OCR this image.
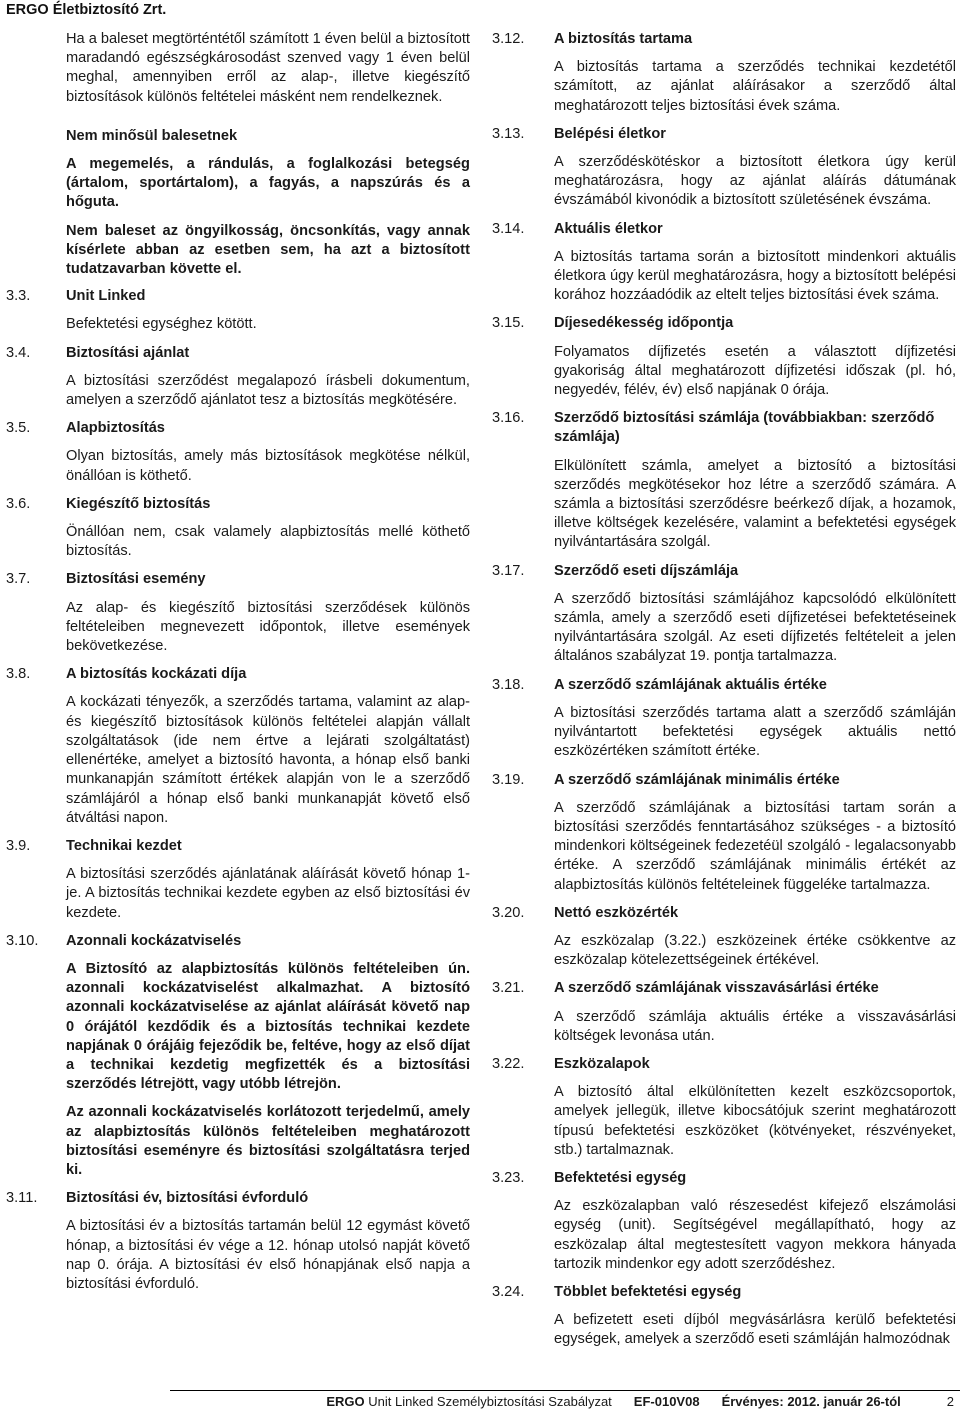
ERGO Életbiztosító Zrt.

Ha a baleset megtörténtétől számított 1 éven belül a biztosított maradandó egészségkárosodást szenved vagy 1 éven belül meghal, amennyiben erről az alap-, illetve kiegészítő biztosítások különös feltételei másként nem rendelkeznek.

Nem minősül balesetnek

A megemelés, a rándulás, a foglalkozási betegség (ártalom, sportártalom), a fagyás, a napszúrás és a hőguta.

Nem baleset az öngyilkosság, öncsonkítás, vagy annak kísérlete abban az esetben sem, ha azt a biztosított tudatzavarban követte el.

3.3.	Unit Linked

Befektetési egységhez kötött.

3.4.	Biztosítási ajánlat

A biztosítási szerződést megalapozó írásbeli dokumentum, amelyen a szerződő ajánlatot tesz a biztosítás megkötésére.

3.5.	Alapbiztosítás

Olyan biztosítás, amely más biztosítások megkötése nélkül, önállóan is köthető.

3.6.	Kiegészítő biztosítás

Önállóan nem, csak valamely alapbiztosítás mellé köthető biztosítás.

3.7.	Biztosítási esemény

Az alap- és kiegészítő biztosítási szerződések különös feltételeiben megnevezett időpontok, illetve események bekövetkezése.

3.8.	A biztosítás kockázati díja

A kockázati tényezők, a szerződés tartama, valamint az alap- és kiegészítő biztosítások különös feltételei alapján vállalt szolgáltatások (ide nem értve a lejárati szolgáltatást) ellenértéke, amelyet a biztosító havonta, a hónap első banki munkanapján számított értékek alapján von le a szerződő számlájáról a hónap első banki munkanapját követő első átváltási napon.

3.9.	Technikai kezdet

A biztosítási szerződés ajánlatának aláírását követő hónap 1-je. A biztosítás technikai kezdete egyben az első biztosítási év kezdete.

3.10.	Azonnali kockázatviselés

A Biztosító az alapbiztosítás különös feltételeiben ún. azonnali kockázatviselést alkalmazhat. A biztosító azonnali kockázatviselése az ajánlat aláírását követő nap 0 órájától kezdődik és a biztosítás technikai kezdete napjának 0 órájáig fejeződik be, feltéve, hogy az első díjat a technikai kezdetig megfizették és a biztosítási szerződés létrejött, vagy utóbb létrejön.

Az azonnali kockázatviselés korlátozott terjedelmű, amely az alapbiztosítás különös feltételeiben meghatározott biztosítási eseményre és biztosítási szolgáltatásra terjed ki.

3.11.	Biztosítási év, biztosítási évforduló

A biztosítási év a biztosítás tartamán belül 12 egymást követő hónap, a biztosítási év vége a 12. hónap utolsó napját követő nap 0. órája. A biztosítási év első hónapjának első napja a biztosítási évforduló.

3.12.	A biztosítás tartama

A biztosítás tartama a szerződés technikai kezdetétől számított, az ajánlat aláírásakor a szerződő által meghatározott teljes biztosítási évek száma.

3.13.	Belépési életkor

A szerződéskötéskor a biztosított életkora úgy kerül meghatározásra, hogy az ajánlat aláírás dátumának évszámából kivonódik a biztosított születésének évszáma.

3.14.	Aktuális életkor

A biztosítás tartama során a biztosított mindenkori aktuális életkora úgy kerül meghatározásra, hogy a biztosított belépési korához hozzáadódik az eltelt teljes biztosítási évek száma.

3.15.	Díjesedékesség időpontja

Folyamatos díjfizetés esetén a választott díjfizetési gyakoriság által meghatározott díjfizetési időszak (pl. hó, negyedév, félév, év) első napjának 0 órája.

3.16.	Szerződő biztosítási számlája (továbbiakban: szerződő számlája)

Elkülönített számla, amelyet a biztosító a biztosítási szerződés megkötésekor hoz létre a szerződő számára. A számla a biztosítási szerződésre beérkező díjak, a hozamok, illetve költségek kezelésére, valamint a befektetési egységek nyilvántartására szolgál.

3.17.	Szerződő eseti díjszámlája

A szerződő biztosítási számlájához kapcsolódó elkülönített számla, amely a szerződő eseti díjfizetései befektetéseinek nyilvántartására szolgál. Az eseti díjfizetés feltételeit a jelen általános szabályzat 19. pontja tartalmazza.

3.18.	A szerződő számlájának aktuális értéke

A biztosítási szerződés tartama alatt a szerződő számláján nyilvántartott befektetési egységek aktuális nettó eszközértéken számított értéke.

3.19.	A szerződő számlájának minimális értéke

A szerződő számlájának a biztosítási tartam során a biztosítási szerződés fenntartásához szükséges - a biztosító mindenkori költségeinek fedezetéül szolgáló - legalacsonyabb értéke. A szerződő számlájának minimális értékét az alapbiztosítás különös feltételeinek függeléke tartalmazza.

3.20.	Nettó eszközérték

Az eszközalap (3.22.) eszközeinek értéke csökkentve az eszközalap kötelezettségeinek értékével.

3.21.	A szerződő számlájának visszavásárlási értéke

A szerződő számlája aktuális értéke a visszavásárlási költségek levonása után.

3.22.	Eszközalapok

A biztosító által elkülönítetten kezelt eszközcsoportok, amelyek jellegük, illetve kibocsátójuk szerint meghatározott típusú befektetési eszközöket (kötvényeket, részvényeket, stb.) tartalmaznak.

3.23.	Befektetési egység

Az eszközalapban való részesedést kifejező elszámolási egység (unit). Segítségével megállapítható, hogy az eszközalap által megtestesített vagyon mekkora hányada tartozik mindenkor egy adott szerződéshez.

3.24.	Többlet befektetési egység

A befizetett eseti díjból megvásárlásra kerülő befektetési egységek, amelyek a szerződő eseti számláján halmozódnak

ERGO Unit Linked Személybiztosítási Szabályzat EF-010V08 Érvényes: 2012. január 26-tól	2
